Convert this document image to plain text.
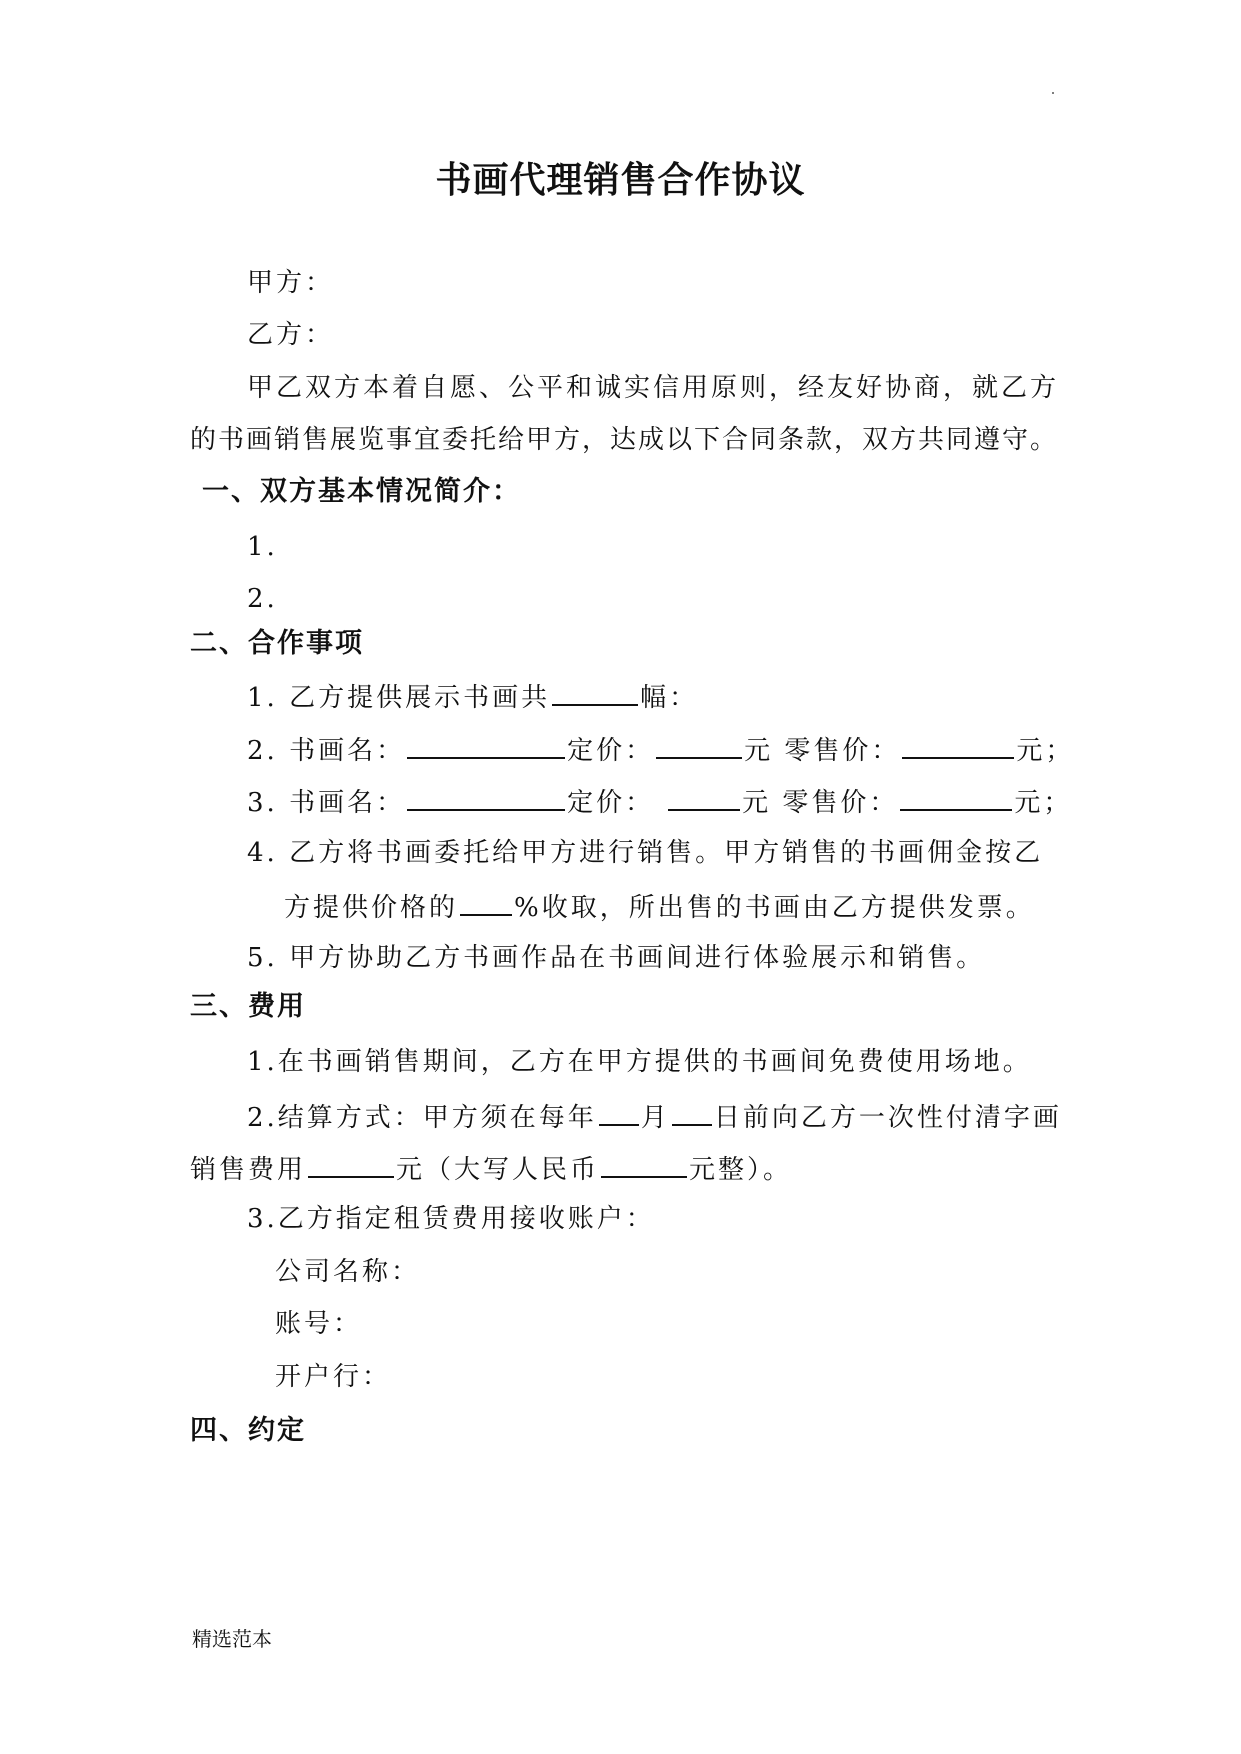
书画代理销售合作协议
甲方：
乙方：
甲乙双方本着自愿、公平和诚实信用原则，经友好协商，就乙方
的书画销售展览事宜委托给甲方，达成以下合同条款，双方共同遵守。
一、双方基本情况简介：
1.
2.
二、合作事项
1. 乙方提供展示书画共	幅：
2. 书画名：	定价：	元 零售价：	元；
3. 书画名：	定价：	元 零售价：	元；
4. 乙方将书画委托给甲方进行销售。甲方销售的书画佣金按乙
方提供价格的 %收取，所出售的书画由乙方提供发票。
5. 甲方协助乙方书画作品在书画间进行体验展示和销售。
三、费用
1.在书画销售期间，乙方在甲方提供的书画间免费使用场地。
2.结算方式：甲方须在每年 月 日前向乙方一次性付清字画
销售费用	元（大写人民币	元整）。
3.乙方指定租赁费用接收账户：
公司名称：
账号：
开户行：
四、约定
精选范本
